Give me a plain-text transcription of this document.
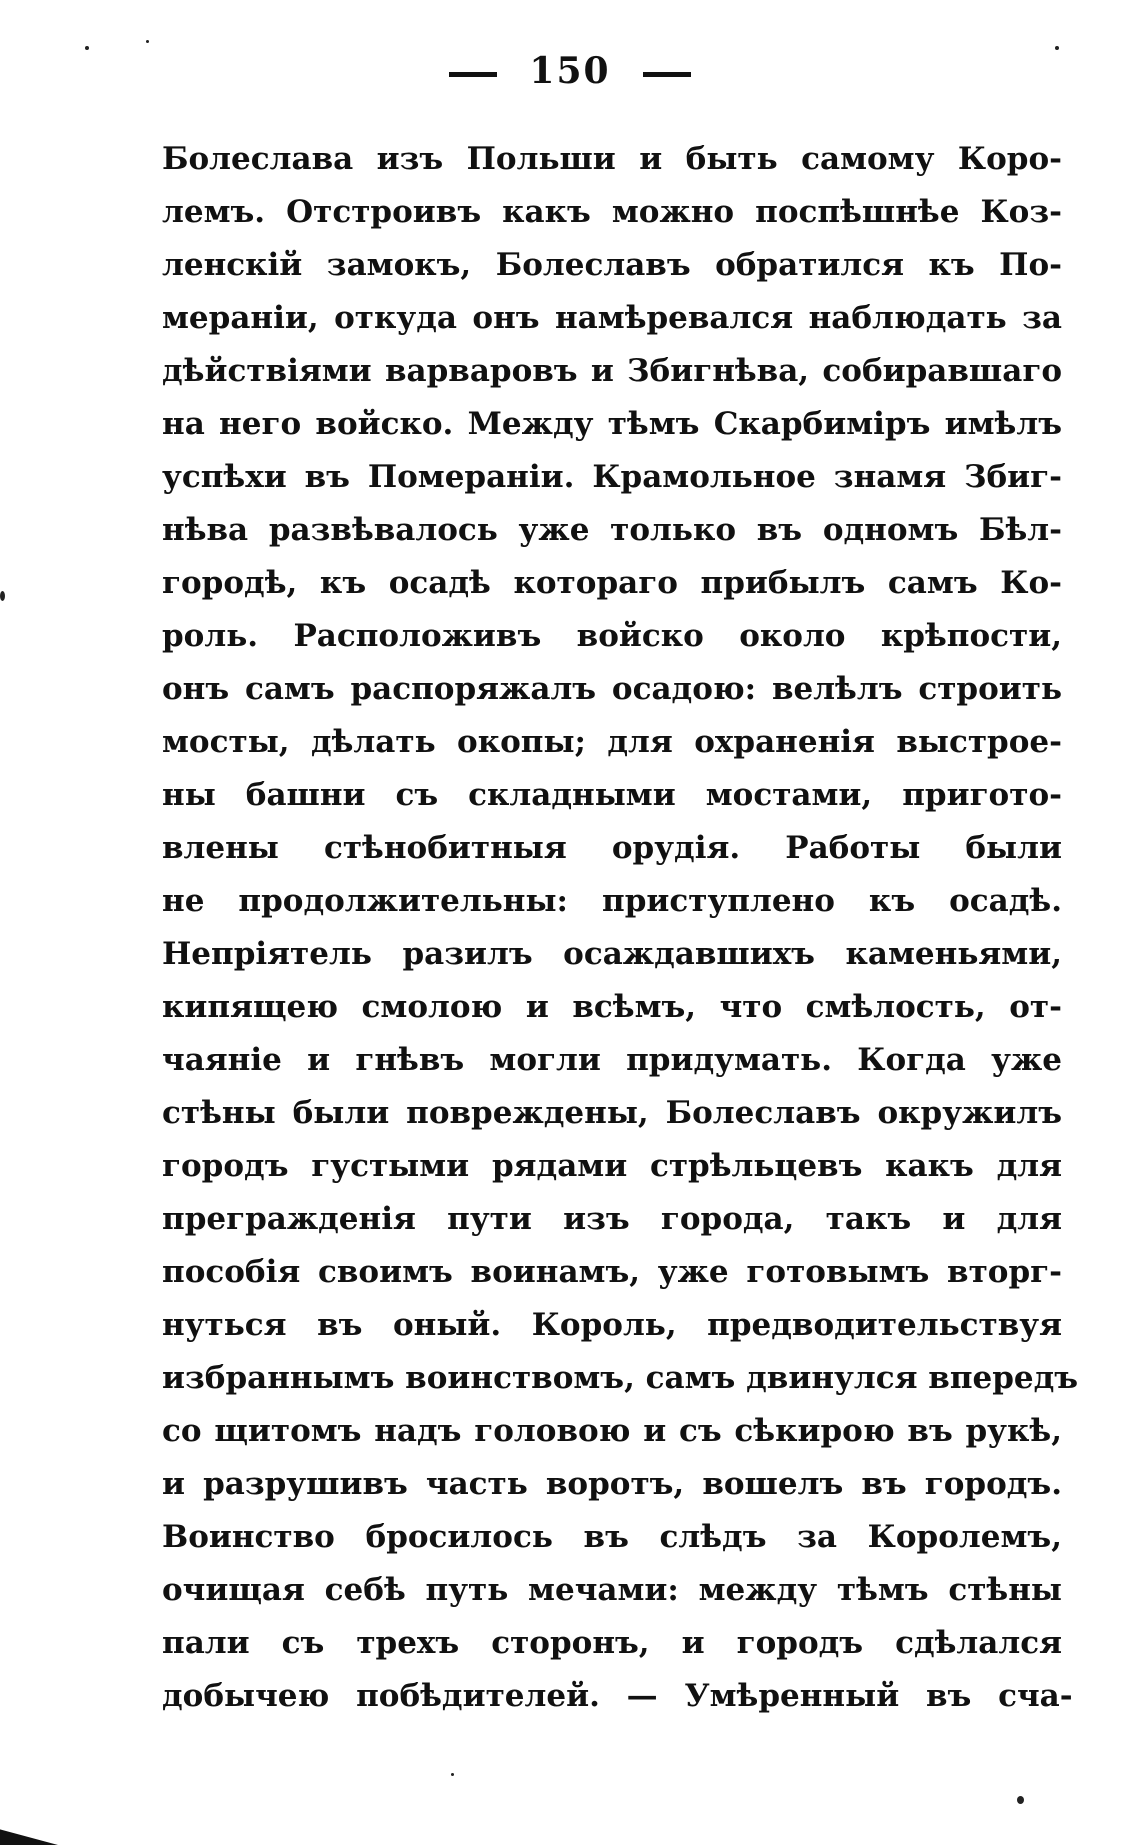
150
Болеслава изъ Польши и быть самому Коро-
лемъ. Отстроивъ какъ можно поспѣшнѣе Коз-
ленскій замокъ, Болеславъ обратился къ По-
мераніи, откуда онъ намѣревался наблюдать за
дѣйствіями варваровъ и Збигнѣва, собиравшаго
на него войско. Между тѣмъ Скарбиміръ имѣлъ
успѣхи въ Помераніи. Крамольное знамя Збиг-
нѣва развѣвалось уже только въ одномъ Бѣл-
городѣ, къ осадѣ котораго прибылъ самъ Ко-
роль. Расположивъ войско около крѣпости,
онъ самъ распоряжалъ осадою: велѣлъ строить
мосты, дѣлать окопы; для охраненія выстрое-
ны башни съ складными мостами, пригото-
влены стѣнобитныя орудія. Работы были
не продолжительны: приступлено къ осадѣ.
Непріятель разилъ осаждавшихъ каменьями,
кипящею смолою и всѣмъ, что смѣлость, от-
чаяніе и гнѣвъ могли придумать. Когда уже
стѣны были повреждены, Болеславъ окружилъ
городъ густыми рядами стрѣльцевъ какъ для
прегражденія пути изъ города, такъ и для
пособія своимъ воинамъ, уже готовымъ вторг-
нуться въ оный. Король, предводительствуя
избраннымъ воинствомъ, самъ двинулся впередъ
со щитомъ надъ головою и съ сѣкирою въ рукѣ,
и разрушивъ часть воротъ, вошелъ въ городъ.
Воинство бросилось въ слѣдъ за Королемъ,
очищая себѣ путь мечами: между тѣмъ стѣны
пали съ трехъ сторонъ, и городъ сдѣлался
добычею побѣдителей. — Умѣренный въ сча-
